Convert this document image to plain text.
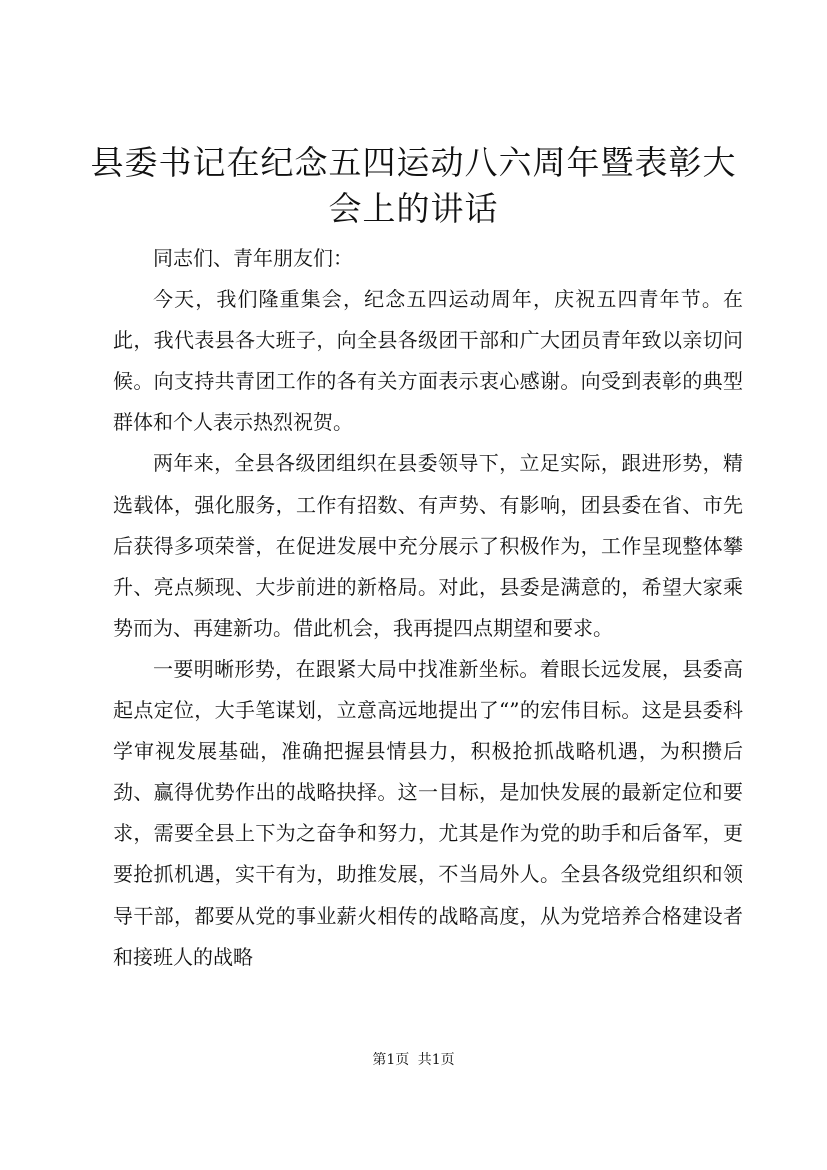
县委书记在纪念五四运动八六周年暨表彰大会上的讲话

同志们、青年朋友们：

今天，我们隆重集会，纪念五四运动周年，庆祝五四青年节。在此，我代表县各大班子，向全县各级团干部和广大团员青年致以亲切问候。向支持共青团工作的各有关方面表示衷心感谢。向受到表彰的典型群体和个人表示热烈祝贺。

两年来，全县各级团组织在县委领导下，立足实际，跟进形势，精选载体，强化服务，工作有招数、有声势、有影响，团县委在省、市先后获得多项荣誉，在促进发展中充分展示了积极作为，工作呈现整体攀升、亮点频现、大步前进的新格局。对此，县委是满意的，希望大家乘势而为、再建新功。借此机会，我再提四点期望和要求。

一要明晰形势，在跟紧大局中找准新坐标。着眼长远发展，县委高起点定位，大手笔谋划，立意高远地提出了“”的宏伟目标。这是县委科学审视发展基础，准确把握县情县力，积极抢抓战略机遇，为积攒后劲、赢得优势作出的战略抉择。这一目标，是加快发展的最新定位和要求，需要全县上下为之奋争和努力，尤其是作为党的助手和后备军，更要抢抓机遇，实干有为，助推发展，不当局外人。全县各级党组织和领导干部，都要从党的事业薪火相传的战略高度，从为党培养合格建设者和接班人的战略

第1页 共1页
